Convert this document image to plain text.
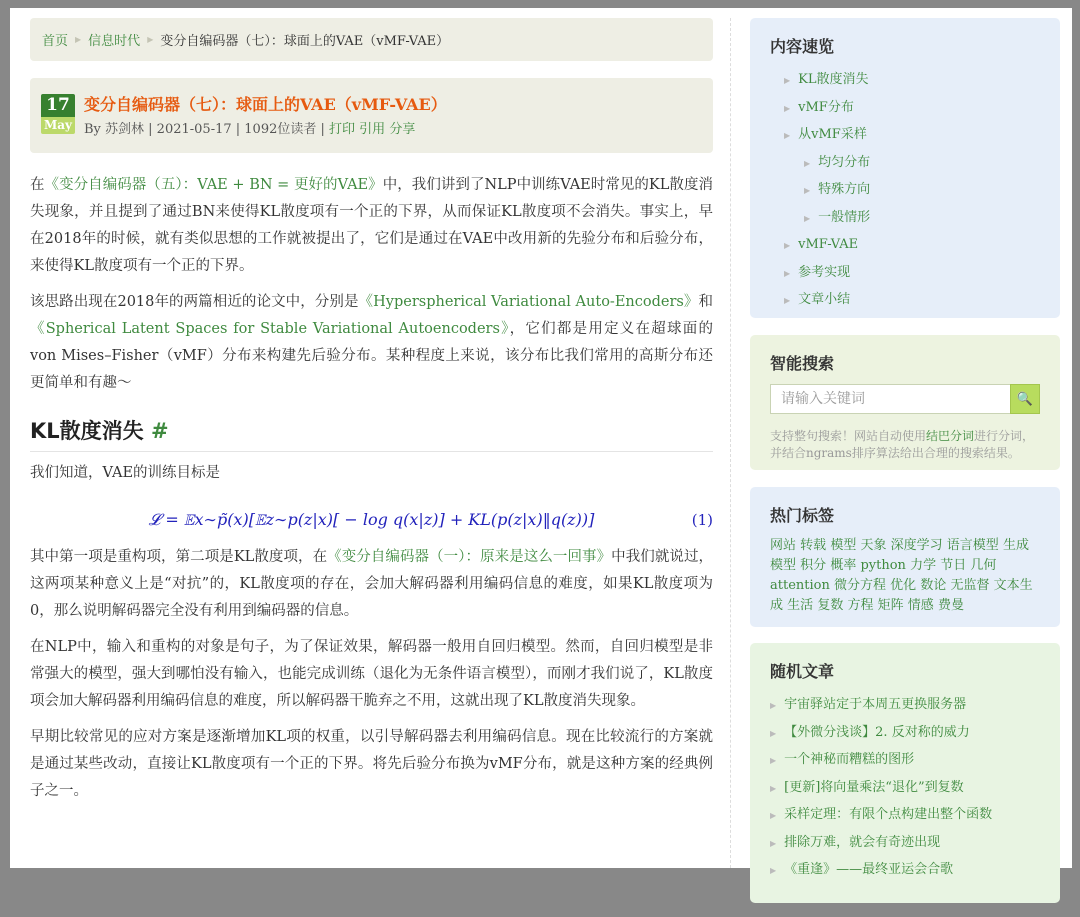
首页 ▶ 信息时代 ▶ 变分自编码器（七）：球面上的VAE（vMF-VAE）
17
May
变分自编码器（七）：球面上的VAE（vMF-VAE）
By 苏剑林 | 2021-05-17 | 1092位读者 | 打印 引用 分享

在《变分自编码器（五）：VAE + BN = 更好的VAE》中，我们讲到了NLP中训练VAE时常见的KL散度消失现象，并且提到了通过BN来使得KL散度项有一个正的下界，从而保证KL散度项不会消失。事实上，早在2018年的时候，就有类似思想的工作就被提出了，它们是通过在VAE中改用新的先验分布和后验分布，来使得KL散度项有一个正的下界。

该思路出现在2018年的两篇相近的论文中，分别是《Hyperspherical Variational Auto-Encoders》和《Spherical Latent Spaces for Stable Variational Autoencoders》，它们都是用定义在超球面的von Mises–Fisher（vMF）分布来构建先后验分布。某种程度上来说，该分布比我们常用的高斯分布还更简单和有趣～

KL散度消失 #

我们知道，VAE的训练目标是

𝓛 = 𝔼x∼p̃(x)[𝔼z∼p(z|x)[ − log q(x|z)] + KL(p(z|x)‖q(z))]	(1)

其中第一项是重构项，第二项是KL散度项，在《变分自编码器（一）：原来是这么一回事》中我们就说过，这两项某种意义上是“对抗”的，KL散度项的存在，会加大解码器利用编码信息的难度，如果KL散度项为0，那么说明解码器完全没有利用到编码器的信息。

在NLP中，输入和重构的对象是句子，为了保证效果，解码器一般用自回归模型。然而，自回归模型是非常强大的模型，强大到哪怕没有输入，也能完成训练（退化为无条件语言模型），而刚才我们说了，KL散度项会加大解码器利用编码信息的难度，所以解码器干脆弃之不用，这就出现了KL散度消失现象。

早期比较常见的应对方案是逐渐增加KL项的权重，以引导解码器去利用编码信息。现在比较流行的方案就是通过某些改动，直接让KL散度项有一个正的下界。将先后验分布换为vMF分布，就是这种方案的经典例子之一。

内容速览
▶ KL散度消失
▶ vMF分布
▶ 从vMF采样
▶ 均匀分布
▶ 特殊方向
▶ 一般情形
▶ vMF-VAE
▶ 参考实现
▶ 文章小结
智能搜索
请输入关键词
🔍
支持整句搜索！网站自动使用结巴分词进行分词，并结合ngrams排序算法给出合理的搜索结果。
热门标签
网站 转载 模型 天象 深度学习 语言模型 生成模型 积分 概率 python 力学 节日 几何 attention 微分方程 优化 数论 无监督 文本生成 生活 复数 方程 矩阵 情感 费曼
随机文章
▶ 宇宙驿站定于本周五更换服务器
▶ 【外微分浅谈】2. 反对称的威力
▶ 一个神秘而糟糕的图形
▶ [更新]将向量乘法“退化”到复数
▶ 采样定理：有限个点构建出整个函数
▶ 排除万难，就会有奇迹出现
▶ 《重逢》——最终亚运会合歌
